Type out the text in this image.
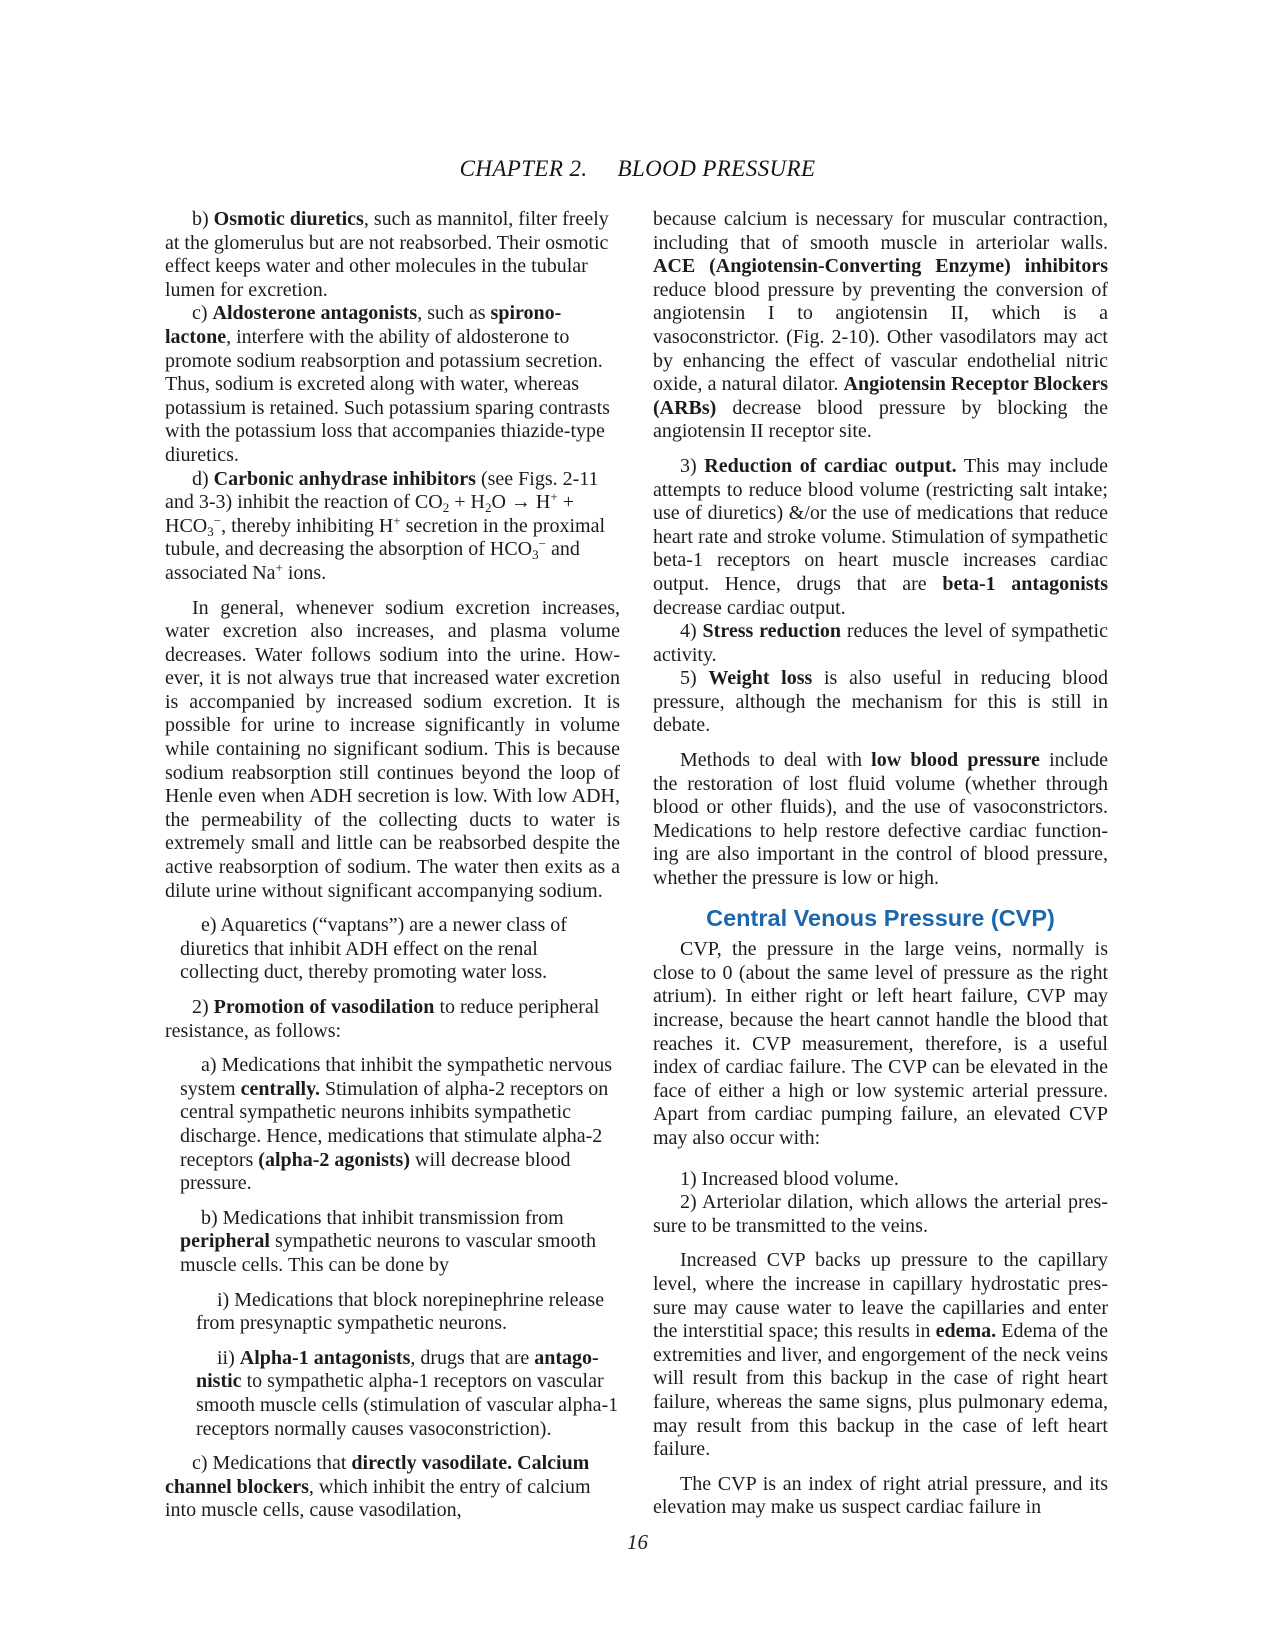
CHAPTER 2. BLOOD PRESSURE

b) Osmotic diuretics, such as mannitol, filter freely at the glomerulus but are not reabsorbed. Their osmotic effect keeps water and other molecules in the tubular lumen for excretion.

c) Aldosterone antagonists, such as spironolactone, interfere with the ability of aldosterone to promote sodium reabsorption and potassium secretion. Thus, sodium is excreted along with water, whereas potassium is retained. Such potassium sparing contrasts with the potassium loss that accompanies thiazide-type diuretics.

d) Carbonic anhydrase inhibitors (see Figs. 2-11 and 3-3) inhibit the reaction of $CO_2 + H_2O \to H^+ + HCO_3^-$, thereby inhibiting H+ secretion in the proximal tubule, and decreasing the absorption of $HCO_3^-$ and associated Na+ ions.

In general, whenever sodium excretion increases, water excretion also increases, and plasma volume decreases. Water follows sodium into the urine. However, it is not always true that increased water excretion is accompanied by increased sodium excretion. It is possible for urine to increase significantly in volume while containing no significant sodium. This is because sodium reabsorption still continues beyond the loop of Henle even when ADH secretion is low. With low ADH, the permeability of the collecting ducts to water is extremely small and little can be reabsorbed despite the active reabsorption of sodium. The water then exits as a dilute urine without significant accompanying sodium.

e) Aquaretics (“vaptans”) are a newer class of diuretics that inhibit ADH effect on the renal collecting duct, thereby promoting water loss.

2) Promotion of vasodilation to reduce peripheral resistance, as follows:

a) Medications that inhibit the sympathetic nervous system centrally. Stimulation of alpha-2 receptors on central sympathetic neurons inhibits sympathetic discharge. Hence, medications that stimulate alpha-2 receptors (alpha-2 agonists) will decrease blood pressure.

b) Medications that inhibit transmission from peripheral sympathetic neurons to vascular smooth muscle cells. This can be done by

i) Medications that block norepinephrine release from presynaptic sympathetic neurons.

ii) Alpha-1 antagonists, drugs that are antagonistic to sympathetic alpha-1 receptors on vascular smooth muscle cells (stimulation of vascular alpha-1 receptors normally causes vasoconstriction).

c) Medications that directly vasodilate. Calcium channel blockers, which inhibit the entry of calcium into muscle cells, cause vasodilation,

because calcium is necessary for muscular contraction, including that of smooth muscle in arteriolar walls. ACE (Angiotensin-Converting Enzyme) inhibitors reduce blood pressure by preventing the conversion of angiotensin I to angiotensin II, which is a vasoconstrictor. (Fig. 2-10). Other vasodilators may act by enhancing the effect of vascular endothelial nitric oxide, a natural dilator. Angiotensin Receptor Blockers (ARBs) decrease blood pressure by blocking the angiotensin II receptor site.

3) Reduction of cardiac output. This may include attempts to reduce blood volume (restricting salt intake; use of diuretics) &/or the use of medications that reduce heart rate and stroke volume. Stimulation of sympathetic beta-1 receptors on heart muscle increases cardiac output. Hence, drugs that are beta-1 antagonists decrease cardiac output.

4) Stress reduction reduces the level of sympathetic activity.

5) Weight loss is also useful in reducing blood pressure, although the mechanism for this is still in debate.

Methods to deal with low blood pressure include the restoration of lost fluid volume (whether through blood or other fluids), and the use of vasoconstrictors. Medications to help restore defective cardiac functioning are also important in the control of blood pressure, whether the pressure is low or high.

Central Venous Pressure (CVP)

CVP, the pressure in the large veins, normally is close to 0 (about the same level of pressure as the right atrium). In either right or left heart failure, CVP may increase, because the heart cannot handle the blood that reaches it. CVP measurement, therefore, is a useful index of cardiac failure. The CVP can be elevated in the face of either a high or low systemic arterial pressure. Apart from cardiac pumping failure, an elevated CVP may also occur with:

1) Increased blood volume.

2) Arteriolar dilation, which allows the arterial pressure to be transmitted to the veins.

Increased CVP backs up pressure to the capillary level, where the increase in capillary hydrostatic pressure may cause water to leave the capillaries and enter the interstitial space; this results in edema. Edema of the extremities and liver, and engorgement of the neck veins will result from this backup in the case of right heart failure, whereas the same signs, plus pulmonary edema, may result from this backup in the case of left heart failure.

The CVP is an index of right atrial pressure, and its elevation may make us suspect cardiac failure in

16
